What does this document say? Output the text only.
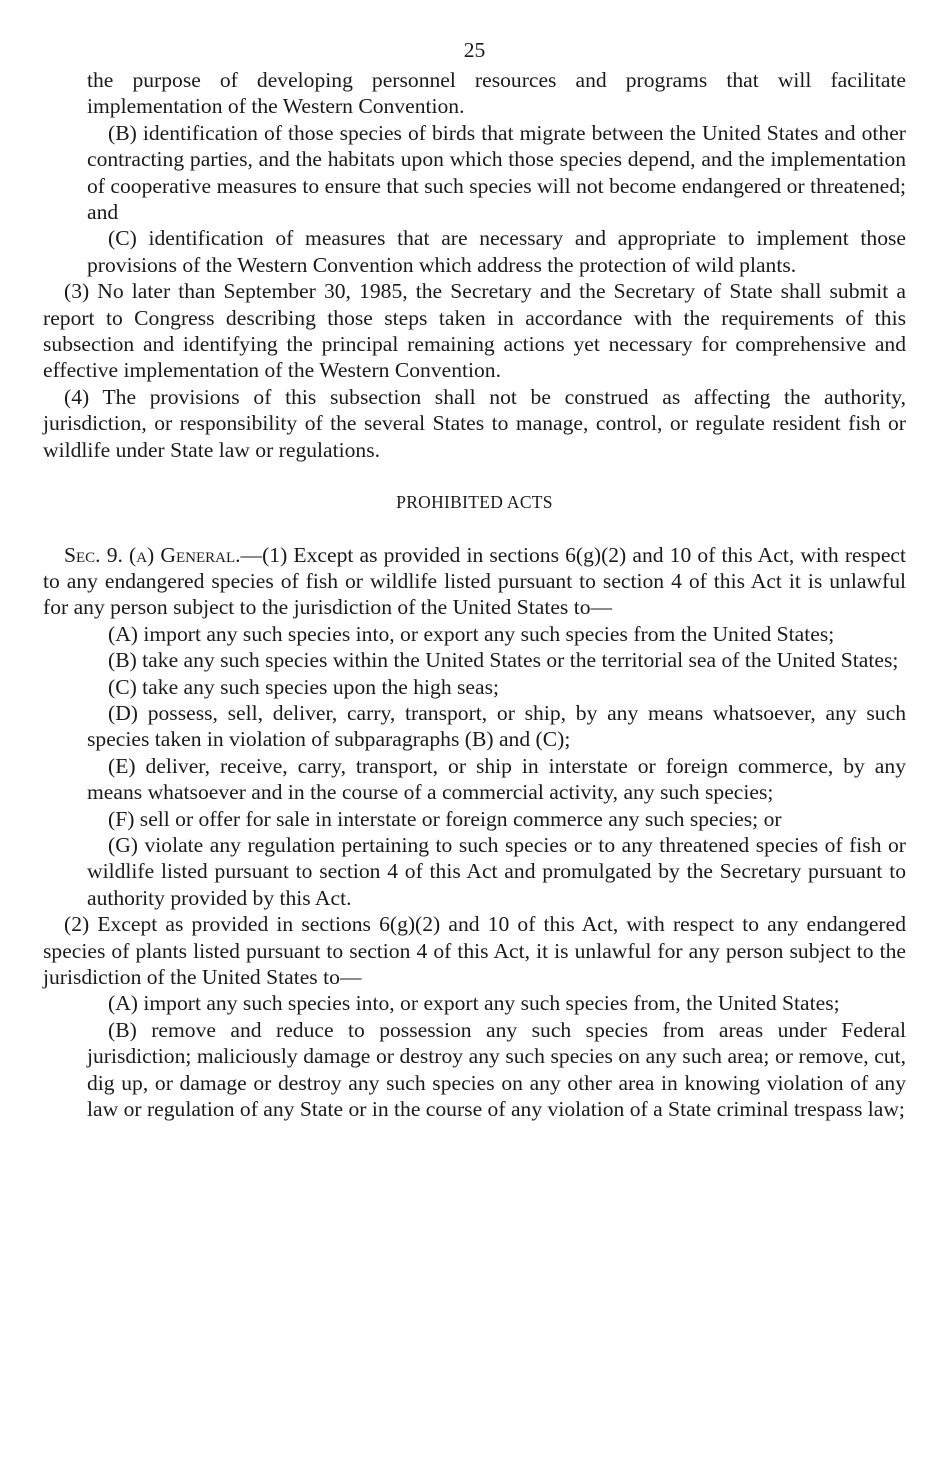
25

the purpose of developing personnel resources and programs that will facilitate implementation of the Western Convention.

(B) identification of those species of birds that migrate between the United States and other contracting parties, and the habitats upon which those species depend, and the implementation of cooperative measures to ensure that such species will not become endangered or threatened; and

(C) identification of measures that are necessary and appropriate to implement those provisions of the Western Convention which address the protection of wild plants.

(3) No later than September 30, 1985, the Secretary and the Secretary of State shall submit a report to Congress describing those steps taken in accordance with the requirements of this subsection and identifying the principal remaining actions yet necessary for comprehensive and effective implementation of the Western Convention.

(4) The provisions of this subsection shall not be construed as affecting the authority, jurisdiction, or responsibility of the several States to manage, control, or regulate resident fish or wildlife under State law or regulations.

PROHIBITED ACTS

Sec. 9. (a) General.—(1) Except as provided in sections 6(g)(2) and 10 of this Act, with respect to any endangered species of fish or wildlife listed pursuant to section 4 of this Act it is unlawful for any person subject to the jurisdiction of the United States to—

(A) import any such species into, or export any such species from the United States;

(B) take any such species within the United States or the territorial sea of the United States;

(C) take any such species upon the high seas;

(D) possess, sell, deliver, carry, transport, or ship, by any means whatsoever, any such species taken in violation of subparagraphs (B) and (C);

(E) deliver, receive, carry, transport, or ship in interstate or foreign commerce, by any means whatsoever and in the course of a commercial activity, any such species;

(F) sell or offer for sale in interstate or foreign commerce any such species; or

(G) violate any regulation pertaining to such species or to any threatened species of fish or wildlife listed pursuant to section 4 of this Act and promulgated by the Secretary pursuant to authority provided by this Act.

(2) Except as provided in sections 6(g)(2) and 10 of this Act, with respect to any endangered species of plants listed pursuant to section 4 of this Act, it is unlawful for any person subject to the jurisdiction of the United States to—

(A) import any such species into, or export any such species from, the United States;

(B) remove and reduce to possession any such species from areas under Federal jurisdiction; maliciously damage or destroy any such species on any such area; or remove, cut, dig up, or damage or destroy any such species on any other area in knowing violation of any law or regulation of any State or in the course of any violation of a State criminal trespass law;
